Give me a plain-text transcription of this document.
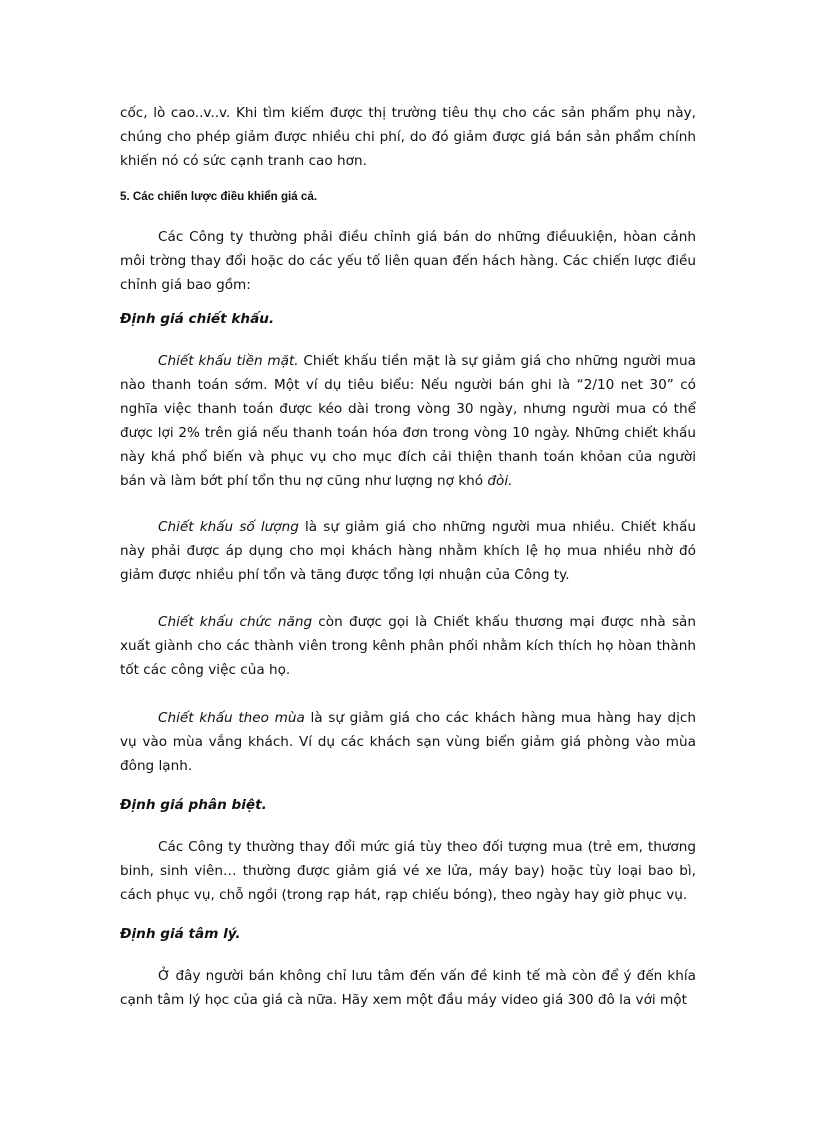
cốc, lò cao..v..v. Khi tìm kiếm được thị trường tiêu thụ cho các sản phẩm phụ này, chúng cho phép giảm được nhiều chi phí, do đó giảm được giá bán sản phẩm chính khiến nó có sức cạnh tranh cao hơn.

5. Các chiến lược điều khiển giá cả.

Các Công ty thường phải điều chỉnh giá bán do những điềuukiện, hòan cảnh môi trờng thay đổi hoặc do các yếu tố liên quan đến hách hàng. Các chiến lược điều chỉnh giá bao gồm:

Định giá chiết khấu.

Chiết khấu tiền mặt. Chiết khấu tiền mặt là sự giảm giá cho những người mua nào thanh toán sớm. Một ví dụ tiêu biểu: Nếu người bán ghi là “2/10 net 30” có nghĩa việc thanh toán được kéo dài trong vòng 30 ngày, nhưng người mua có thể được lợi 2% trên giá nếu thanh toán hóa đơn trong vòng 10 ngày. Những chiết khấu này khá phổ biến và phục vụ cho mục đích cải thiện thanh toán khỏan của người bán và làm bớt phí tổn thu nợ cũng như lượng nợ khó đòi.

Chiết khấu số lượng là sự giảm giá cho những người mua nhiều. Chiết khấu này phải được áp dụng cho mọi khách hàng nhằm khích lệ họ mua nhiều nhờ đó giảm được nhiều phí tổn và tăng được tổng lợi nhuận của Công ty.

Chiết khấu chức năng còn được gọi là Chiết khấu thương mại được nhà sản xuất giành cho các thành viên trong kênh phân phối nhằm kích thích họ hòan thành tốt các công việc của họ.

Chiết khấu theo mùa là sự giảm giá cho các khách hàng mua hàng hay dịch vụ vào mùa vắng khách. Ví dụ các khách sạn vùng biển giảm giá phòng vào mùa đông lạnh.

Định giá phân biệt.

Các Công ty thường thay đổi mức giá tùy theo đối tượng mua (trẻ em, thương binh, sinh viên… thường được giảm giá vé xe lửa, máy bay) hoặc tùy loại bao bì, cách phục vụ, chỗ ngồi (trong rạp hát, rạp chiếu bóng), theo ngày hay giờ phục vụ.

Định giá tâm lý.

Ở đây người bán không chỉ lưu tâm đến vấn đề kinh tế mà còn để ý đến khía cạnh tâm lý học của giá cà nữa. Hãy xem một đầu máy video giá 300 đô la với một
